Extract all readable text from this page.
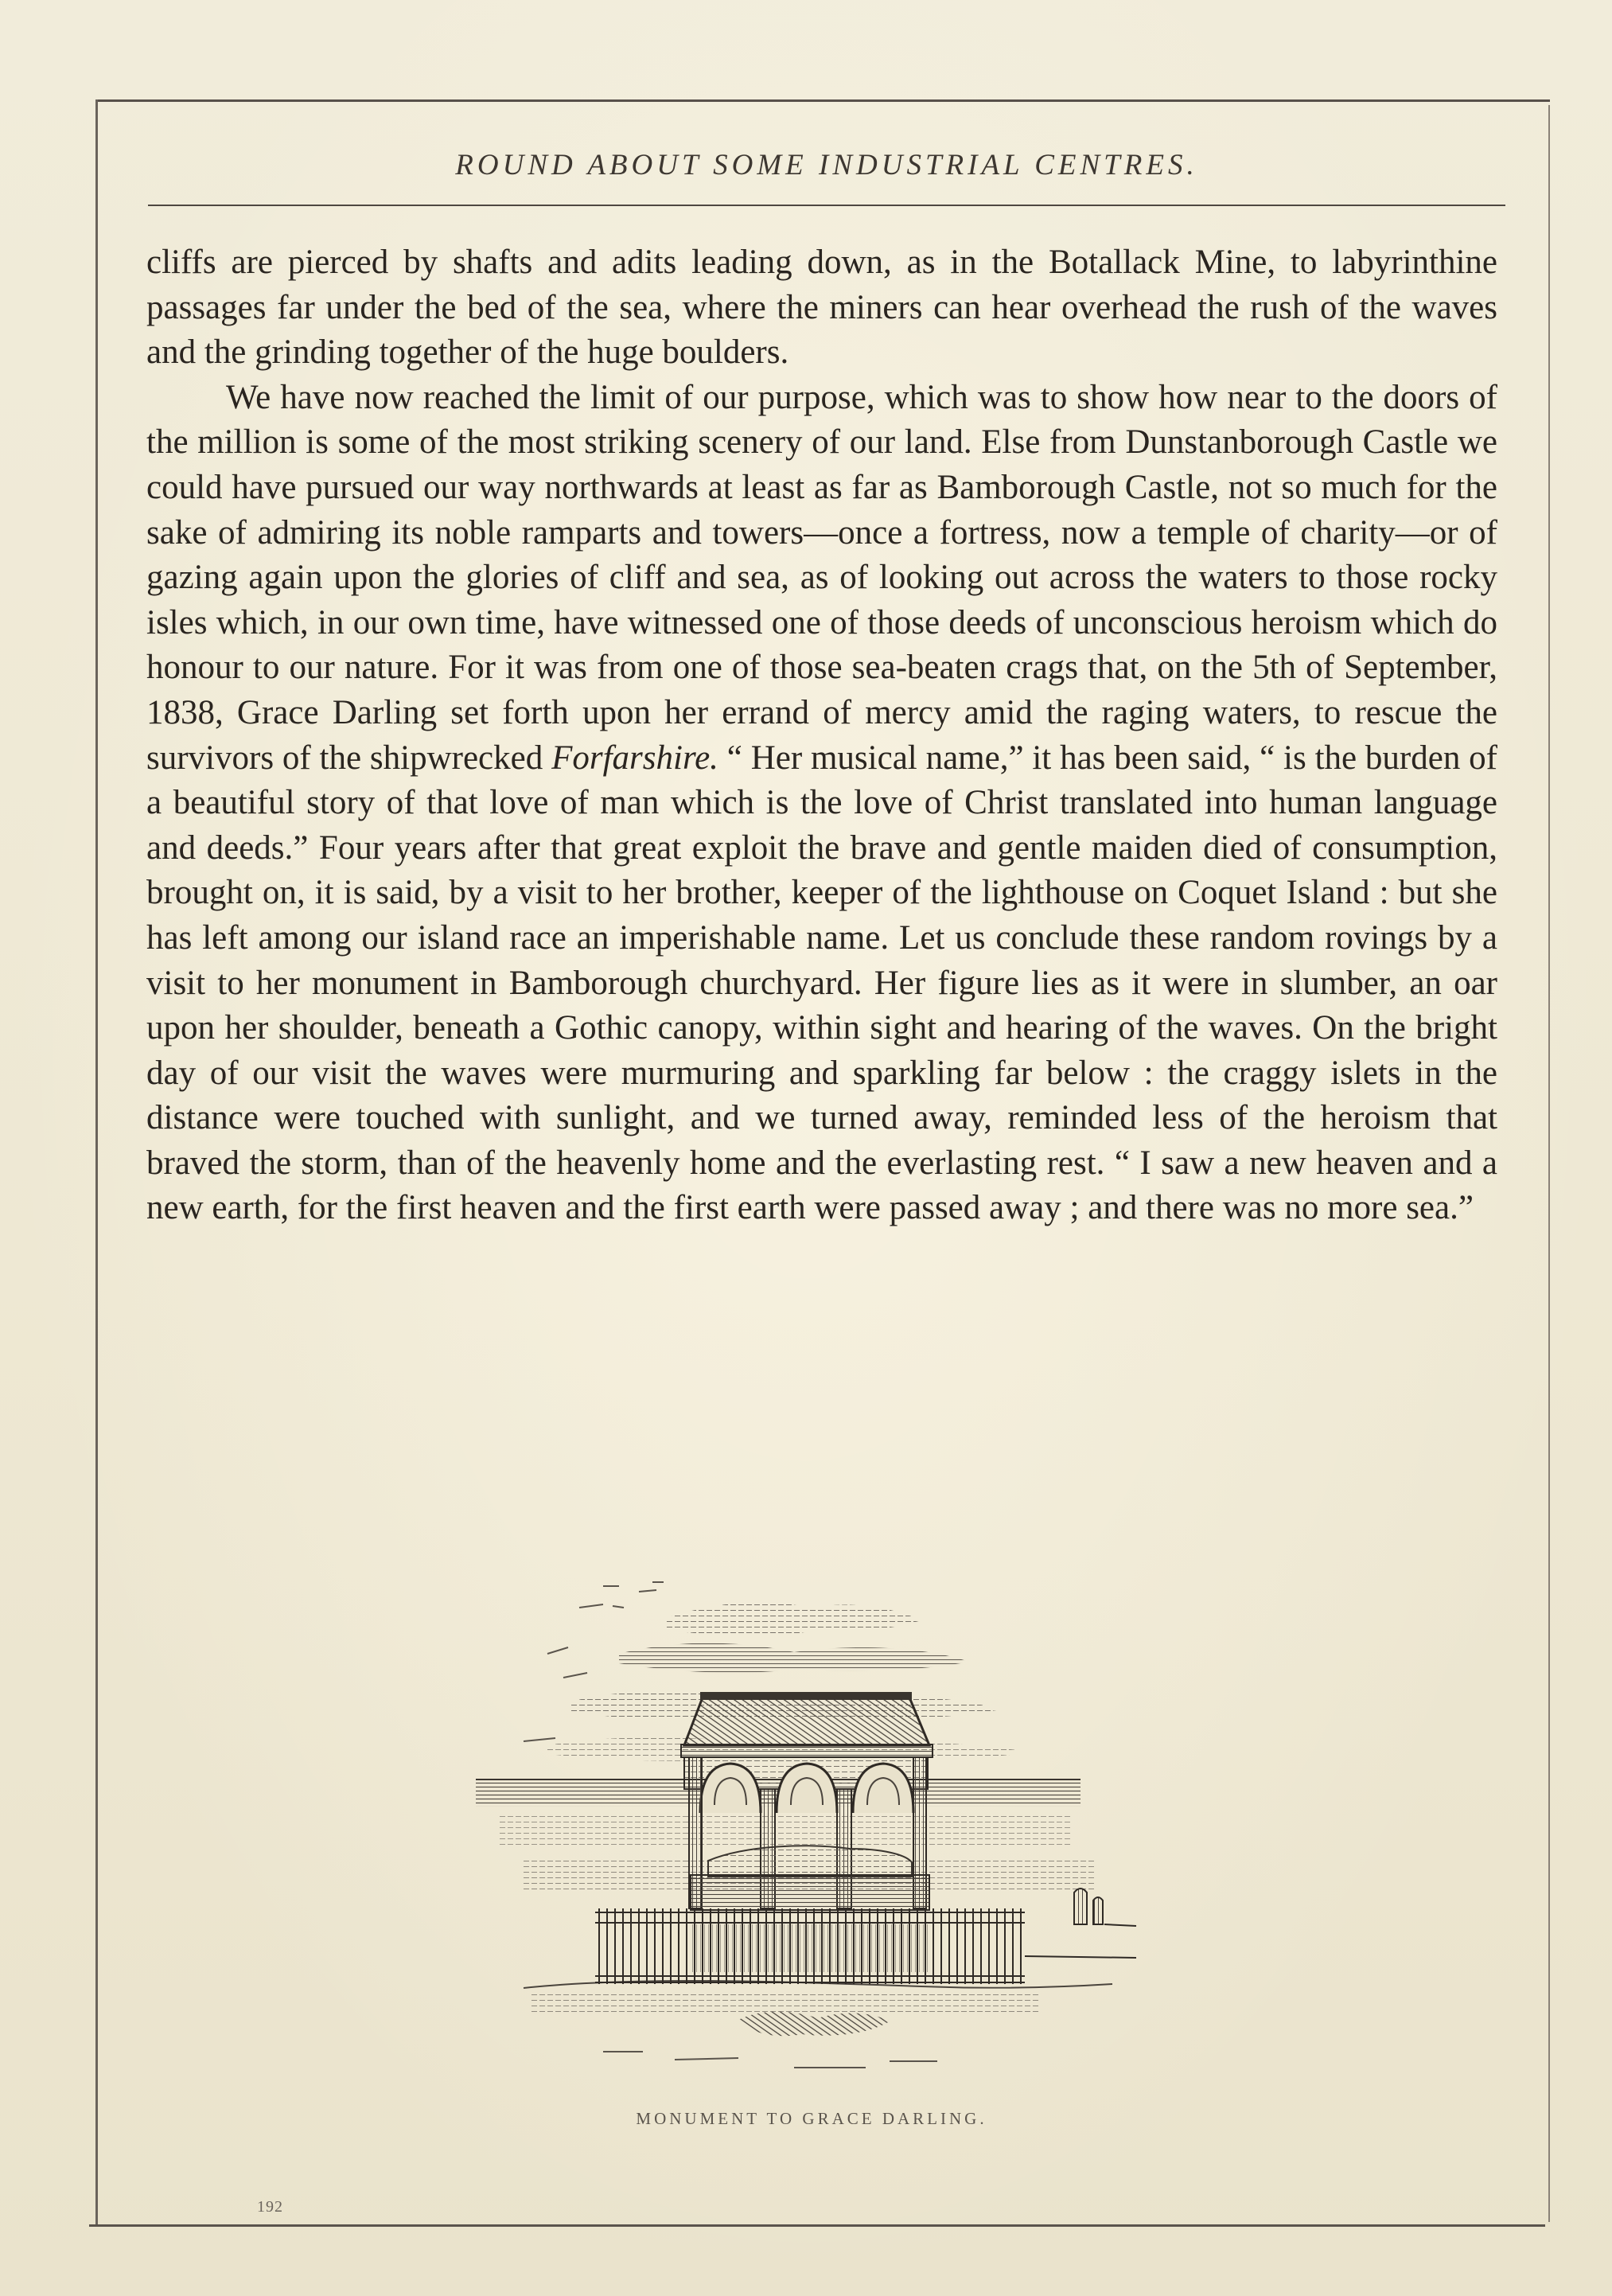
ROUND ABOUT SOME INDUSTRIAL CENTRES.

cliffs are pierced by shafts and adits leading down, as in the Botallack Mine, to labyrinthine passages far under the bed of the sea, where the miners can hear overhead the rush of the waves and the grinding together of the huge boulders.

We have now reached the limit of our purpose, which was to show how near to the doors of the million is some of the most striking scenery of our land. Else from Dunstanborough Castle we could have pursued our way northwards at least as far as Bamborough Castle, not so much for the sake of admiring its noble ramparts and towers—once a fortress, now a temple of charity—or of gazing again upon the glories of cliff and sea, as of looking out across the waters to those rocky isles which, in our own time, have witnessed one of those deeds of unconscious heroism which do honour to our nature. For it was from one of those sea-beaten crags that, on the 5th of September, 1838, Grace Darling set forth upon her errand of mercy amid the raging waters, to rescue the survivors of the shipwrecked Forfarshire. “ Her musical name,” it has been said, “ is the burden of a beautiful story of that love of man which is the love of Christ translated into human language and deeds.” Four years after that great exploit the brave and gentle maiden died of consumption, brought on, it is said, by a visit to her brother, keeper of the lighthouse on Coquet Island : but she has left among our island race an imperishable name. Let us conclude these random rovings by a visit to her monument in Bamborough churchyard. Her figure lies as it were in slumber, an oar upon her shoulder, beneath a Gothic canopy, within sight and hearing of the waves. On the bright day of our visit the waves were murmuring and sparkling far below : the craggy islets in the distance were touched with sunlight, and we turned away, reminded less of the heroism that braved the storm, than of the heavenly home and the everlasting rest. “ I saw a new heaven and a new earth, for the first heaven and the first earth were passed away ; and there was no more sea.”

MONUMENT TO GRACE DARLING.
192
